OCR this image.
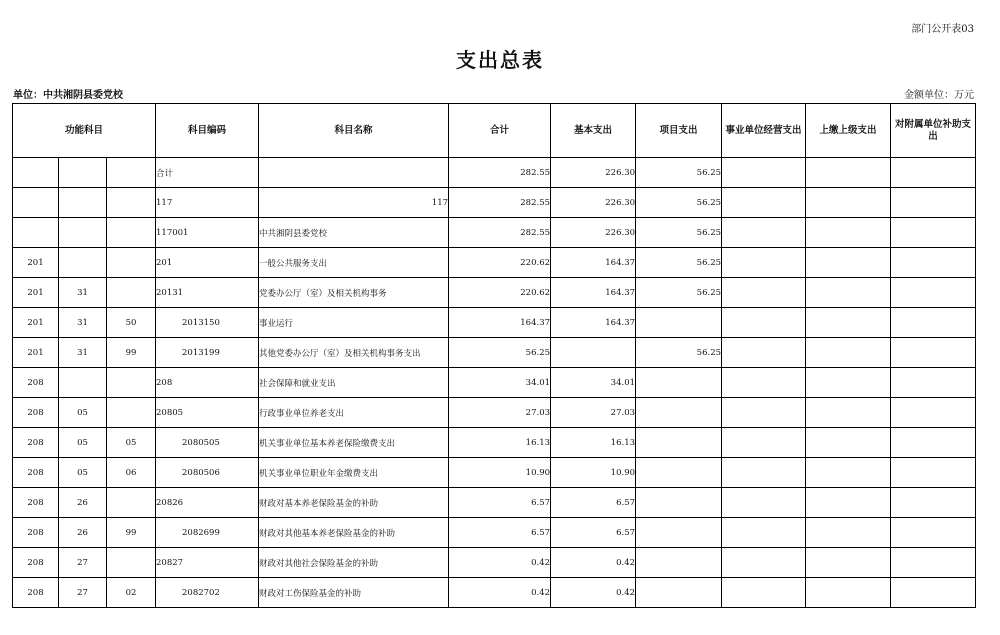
部门公开表03
支出总表
单位：中共湘阴县委党校	金额单位：万元
功能科目			科目编码	科目名称	合计	基本支出	项目支出	事业单位经营支出	上缴上级支出	对附属单位补助支出
			合计		282.55	226.30	56.25			
			117	117	282.55	226.30	56.25			
			117001	中共湘阴县委党校	282.55	226.30	56.25			
201			201	一般公共服务支出	220.62	164.37	56.25			
201	31		20131	党委办公厅（室）及相关机构事务	220.62	164.37	56.25			
201	31	50	2013150	事业运行	164.37	164.37				
201	31	99	2013199	其他党委办公厅（室）及相关机构事务支出	56.25		56.25			
208			208	社会保障和就业支出	34.01	34.01				
208	05		20805	行政事业单位养老支出	27.03	27.03				
208	05	05	2080505	机关事业单位基本养老保险缴费支出	16.13	16.13				
208	05	06	2080506	机关事业单位职业年金缴费支出	10.90	10.90				
208	26		20826	财政对基本养老保险基金的补助	6.57	6.57				
208	26	99	2082699	财政对其他基本养老保险基金的补助	6.57	6.57				
208	27		20827	财政对其他社会保险基金的补助	0.42	0.42				
208	27	02	2082702	财政对工伤保险基金的补助	0.42	0.42				
